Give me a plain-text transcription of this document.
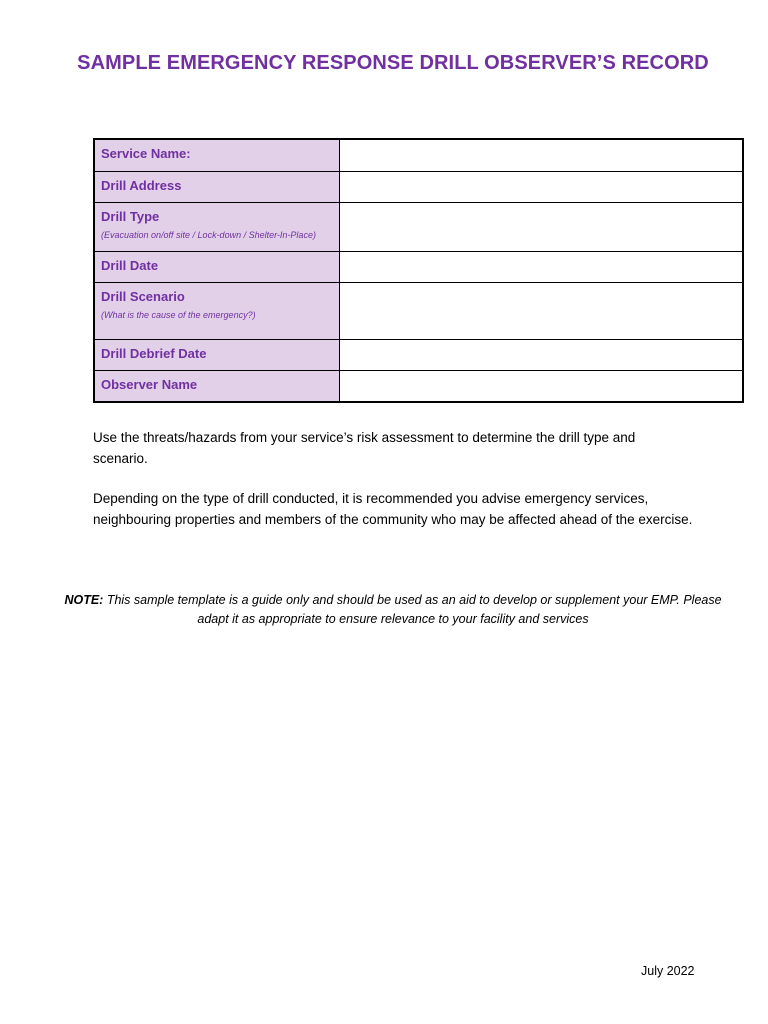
SAMPLE EMERGENCY RESPONSE DRILL OBSERVER’S RECORD
Service Name:	

Drill Address	

Drill Type
(Evacuation on/off site / Lock-down / Shelter-In-Place)	

Drill Date	

Drill Scenario
(What is the cause of the emergency?)	

Drill Debrief Date	

Observer Name	

Use the threats/hazards from your service’s risk assessment to determine the drill type and scenario.
Depending on the type of drill conducted, it is recommended you advise emergency services, neighbouring properties and members of the community who may be affected ahead of the exercise.
NOTE: This sample template is a guide only and should be used as an aid to develop or supplement your EMP. Please adapt it as appropriate to ensure relevance to your facility and services
July 2022
